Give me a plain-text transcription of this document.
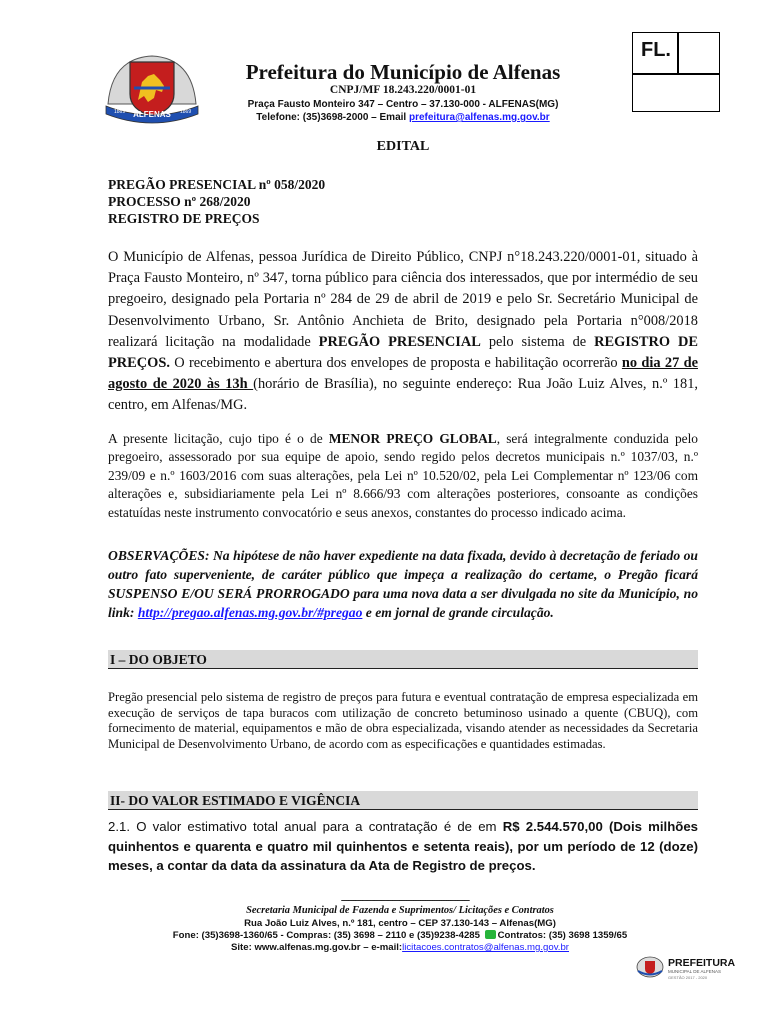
FL.
ALFENAS
1869	1869
Prefeitura do Município de Alfenas
CNPJ/MF 18.243.220/0001-01
Praça Fausto Monteiro 347 – Centro – 37.130-000 - ALFENAS(MG)
Telefone: (35)3698-2000 – Email prefeitura@alfenas.mg.gov.br
EDITAL
PREGÃO PRESENCIAL nº 058/2020
PROCESSO nº 268/2020
REGISTRO DE PREÇOS
O Município de Alfenas, pessoa Jurídica de Direito Público, CNPJ n°18.243.220/0001-01, situado à Praça Fausto Monteiro, nº 347, torna público para ciência dos interessados, que por intermédio de seu pregoeiro, designado pela Portaria nº 284 de 29 de abril de 2019 e pelo Sr. Secretário Municipal de Desenvolvimento Urbano, Sr. Antônio Anchieta de Brito, designado pela Portaria n°008/2018 realizará licitação na modalidade PREGÃO PRESENCIAL pelo sistema de REGISTRO DE PREÇOS. O recebimento e abertura dos envelopes de proposta e habilitação ocorrerão no dia 27 de agosto de 2020 às 13h (horário de Brasília), no seguinte endereço: Rua João Luiz Alves, n.º 181, centro, em Alfenas/MG.
A presente licitação, cujo tipo é o de MENOR PREÇO GLOBAL, será integralmente conduzida pelo pregoeiro, assessorado por sua equipe de apoio, sendo regido pelos decretos municipais n.º 1037/03, n.º 239/09 e n.º 1603/2016 com suas alterações, pela Lei nº 10.520/02, pela Lei Complementar nº 123/06 com alterações e, subsidiariamente pela Lei nº 8.666/93 com alterações posteriores, consoante as condições estatuídas neste instrumento convocatório e seus anexos, constantes do processo indicado acima.
OBSERVAÇÕES: Na hipótese de não haver expediente na data fixada, devido à decretação de feriado ou outro fato superveniente, de caráter público que impeça a realização do certame, o Pregão ficará SUSPENSO E/OU SERÁ PRORROGADO para uma nova data a ser divulgada no site da Município, no link: http://pregao.alfenas.mg.gov.br/#pregao e em jornal de grande circulação.
I – DO OBJETO
Pregão presencial pelo sistema de registro de preços para futura e eventual contratação de empresa especializada em execução de serviços de tapa buracos com utilização de concreto betuminoso usinado a quente (CBUQ), com fornecimento de material, equipamentos e mão de obra especializada, visando atender as necessidades da Secretaria Municipal de Desenvolvimento Urbano, de acordo com as especificações e quantidades estimadas.
II- DO VALOR ESTIMADO E VIGÊNCIA
2.1. O valor estimativo total anual para a contratação é de em R$ 2.544.570,00 (Dois milhões quinhentos e quarenta e quatro mil quinhentos e setenta reais), por um período de 12 (doze) meses, a contar da data da assinatura da Ata de Registro de preços.
-------------------------------------------------------
Secretaria Municipal de Fazenda e Suprimentos/ Licitações e Contratos
Rua João Luiz Alves, n.º 181, centro – CEP 37.130-143 – Alfenas(MG)
Fone: (35)3698-1360/65 - Compras: (35) 3698 – 2110 e (35)9238-4285 Contratos: (35) 3698 1359/65
Site: www.alfenas.mg.gov.br – e-mail:licitacoes.contratos@alfenas.mg.gov.br
PREFEITURA
MUNICIPAL DE ALFENAS
GESTÃO 2017 - 2020
